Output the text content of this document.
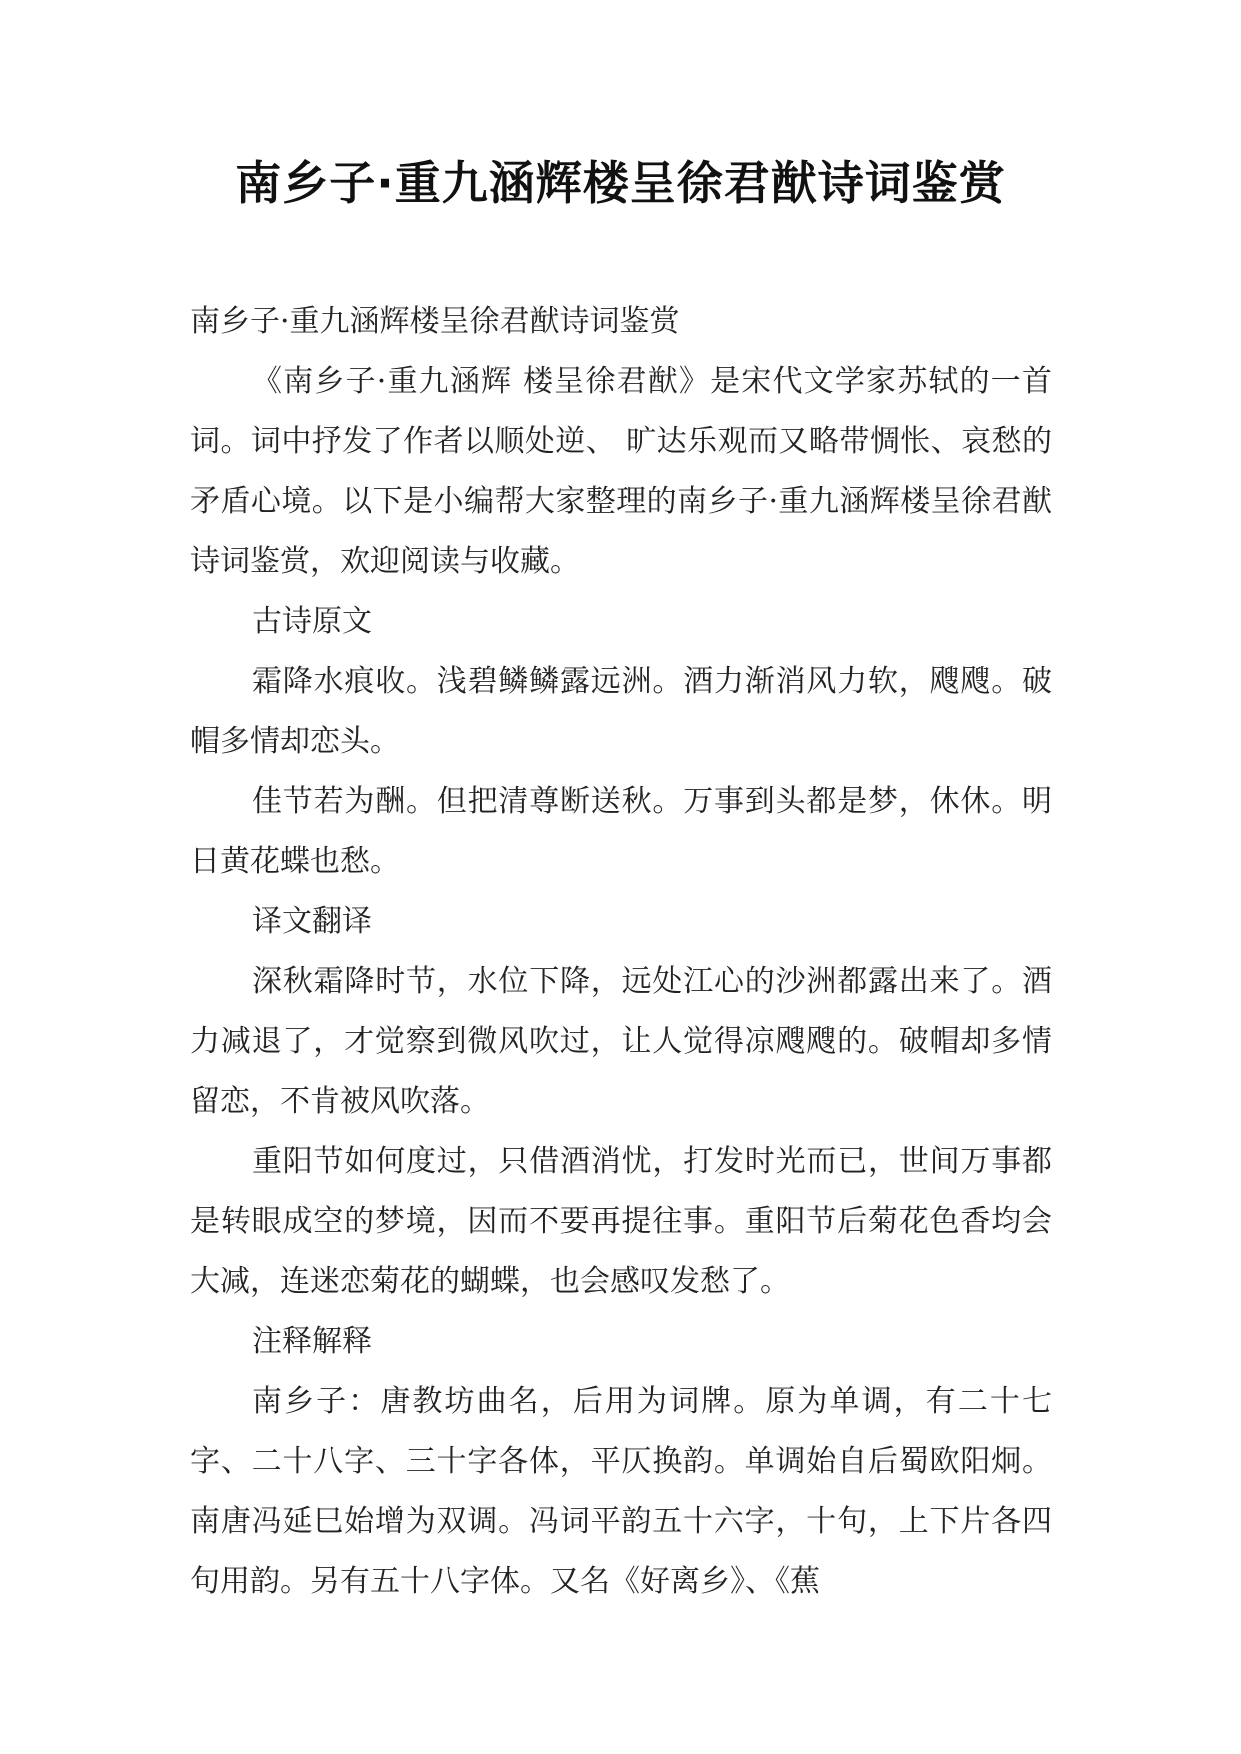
南乡子·重九涵辉楼呈徐君猷诗词鉴赏

南乡子·重九涵辉楼呈徐君猷诗词鉴赏

《南乡子·重九涵辉 楼呈徐君猷》是宋代文学家苏轼的一首词。词中抒发了作者以顺处逆、 旷达乐观而又略带惆怅、哀愁的矛盾心境。以下是小编帮大家整理的南乡子·重九涵辉楼呈徐君猷诗词鉴赏，欢迎阅读与收藏。

古诗原文

霜降水痕收。浅碧鳞鳞露远洲。酒力渐消风力软，飕飕。破帽多情却恋头。

佳节若为酬。但把清尊断送秋。万事到头都是梦，休休。明日黄花蝶也愁。

译文翻译

深秋霜降时节，水位下降，远处江心的沙洲都露出来了。酒力减退了，才觉察到微风吹过，让人觉得凉飕飕的。破帽却多情留恋，不肯被风吹落。

重阳节如何度过，只借酒消忧，打发时光而已，世间万事都是转眼成空的梦境，因而不要再提往事。重阳节后菊花色香均会大减，连迷恋菊花的蝴蝶，也会感叹发愁了。

注释解释

南乡子：唐教坊曲名，后用为词牌。原为单调，有二十七字、二十八字、三十字各体，平仄换韵。单调始自后蜀欧阳炯。南唐冯延巳始增为双调。冯词平韵五十六字，十句，上下片各四句用韵。另有五十八字体。又名《好离乡》、《蕉
